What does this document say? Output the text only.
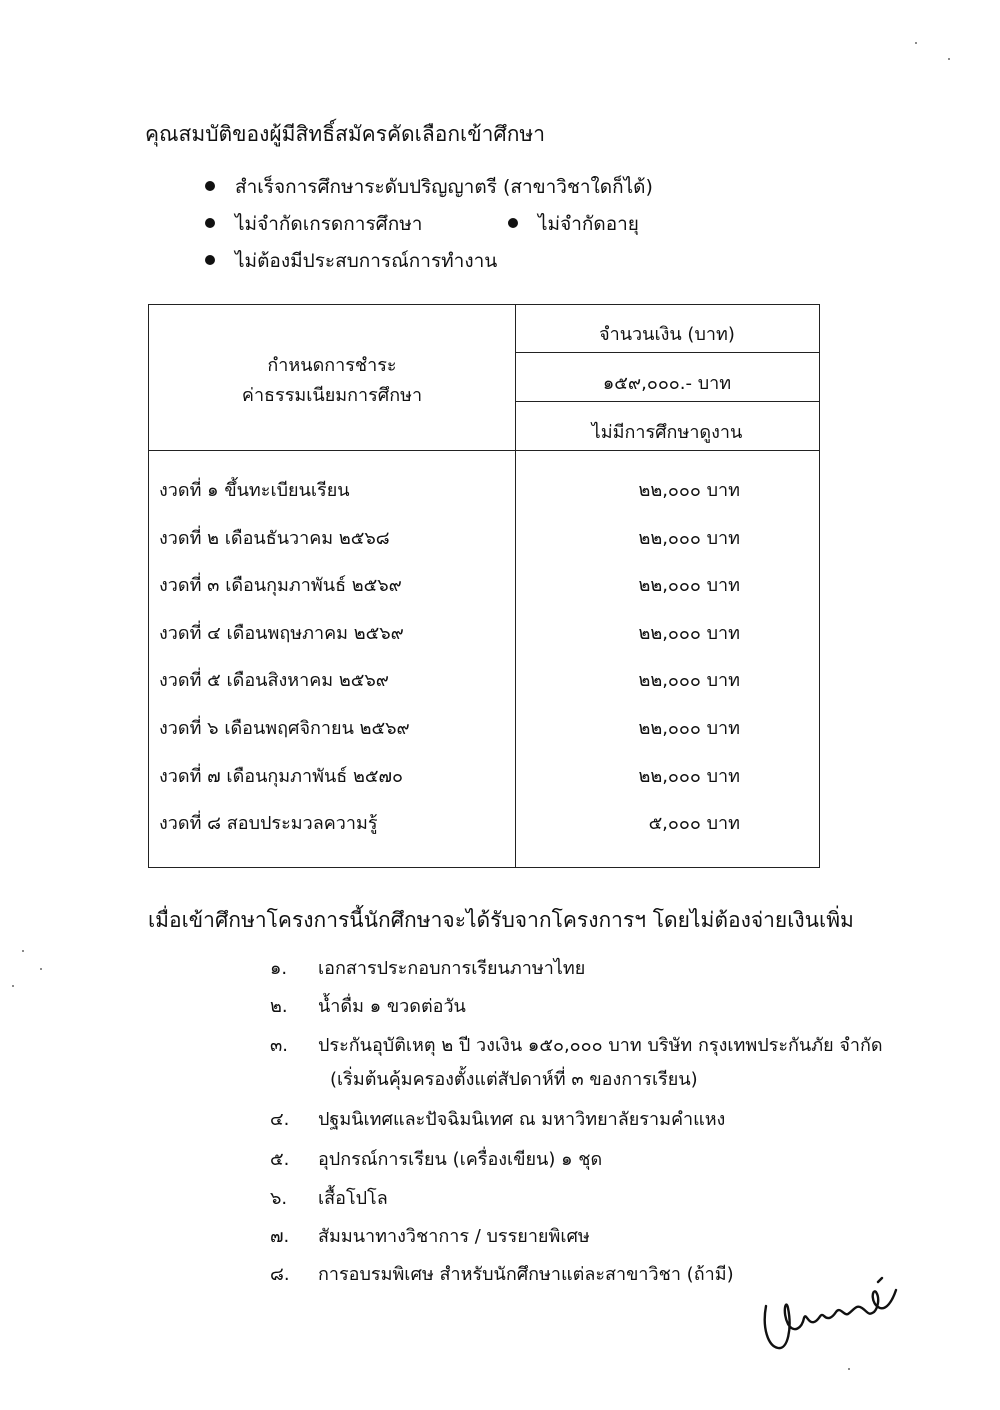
คุณสมบัติของผู้มีสิทธิ์สมัครคัดเลือกเข้าศึกษา
สำเร็จการศึกษาระดับปริญญาตรี (สาขาวิชาใดก็ได้)
ไม่จำกัดเกรดการศึกษา	ไม่จำกัดอายุ
ไม่ต้องมีประสบการณ์การทำงาน
กำหนดการชำระ
ค่าธรรมเนียมการศึกษา
จำนวนเงิน (บาท)
๑๕๙,๐๐๐.- บาท
ไม่มีการศึกษาดูงาน
งวดที่ ๑ ขึ้นทะเบียนเรียน	๒๒,๐๐๐ บาท
งวดที่ ๒ เดือนธันวาคม ๒๕๖๘	๒๒,๐๐๐ บาท
งวดที่ ๓ เดือนกุมภาพันธ์ ๒๕๖๙	๒๒,๐๐๐ บาท
งวดที่ ๔ เดือนพฤษภาคม ๒๕๖๙	๒๒,๐๐๐ บาท
งวดที่ ๕ เดือนสิงหาคม ๒๕๖๙	๒๒,๐๐๐ บาท
งวดที่ ๖ เดือนพฤศจิกายน ๒๕๖๙	๒๒,๐๐๐ บาท
งวดที่ ๗ เดือนกุมภาพันธ์ ๒๕๗๐	๒๒,๐๐๐ บาท
งวดที่ ๘ สอบประมวลความรู้	๕,๐๐๐ บาท
เมื่อเข้าศึกษาโครงการนี้นักศึกษาจะได้รับจากโครงการฯ โดยไม่ต้องจ่ายเงินเพิ่ม
๑. เอกสารประกอบการเรียนภาษาไทย
๒. น้ำดื่ม ๑ ขวดต่อวัน
๓. ประกันอุบัติเหตุ ๒ ปี วงเงิน ๑๕๐,๐๐๐ บาท บริษัท กรุงเทพประกันภัย จำกัด
(เริ่มต้นคุ้มครองตั้งแต่สัปดาห์ที่ ๓ ของการเรียน)
๔. ปฐมนิเทศและปัจฉิมนิเทศ ณ มหาวิทยาลัยรามคำแหง
๕. อุปกรณ์การเรียน (เครื่องเขียน) ๑ ชุด
๖. เสื้อโปโล
๗. สัมมนาทางวิชาการ / บรรยายพิเศษ
๘. การอบรมพิเศษ สำหรับนักศึกษาแต่ละสาขาวิชา (ถ้ามี)
